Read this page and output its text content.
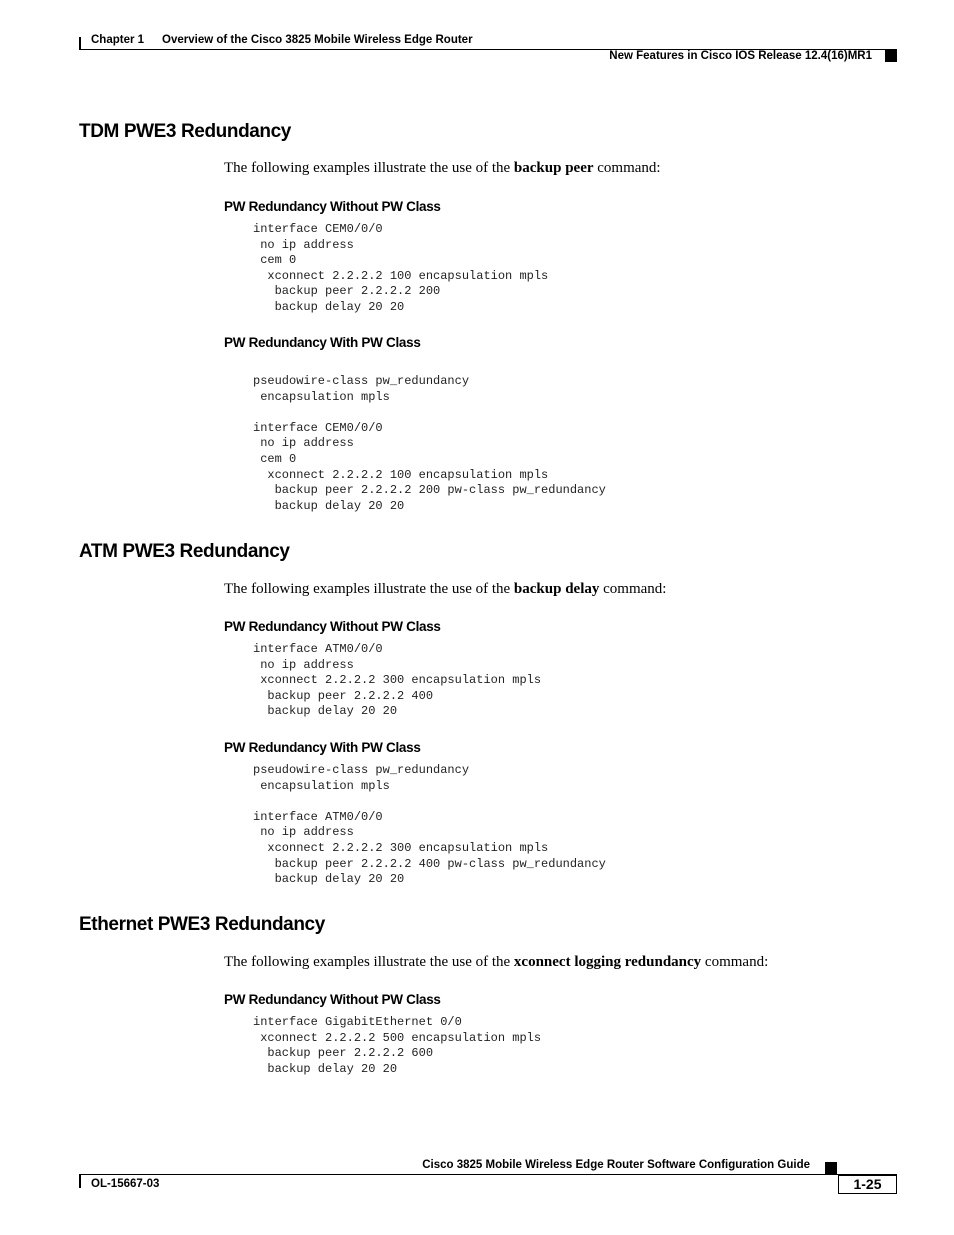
Chapter 1 Overview of the Cisco 3825 Mobile Wireless Edge Router
New Features in Cisco IOS Release 12.4(16)MR1
TDM PWE3 Redundancy
The following examples illustrate the use of the backup peer command:
PW Redundancy Without PW Class
interface CEM0/0/0
no ip address
cem 0
xconnect 2.2.2.2 100 encapsulation mpls
backup peer 2.2.2.2 200
backup delay 20 20
PW Redundancy With PW Class
pseudowire-class pw_redundancy
encapsulation mpls

interface CEM0/0/0
no ip address
cem 0
xconnect 2.2.2.2 100 encapsulation mpls
backup peer 2.2.2.2 200 pw-class pw_redundancy
backup delay 20 20
ATM PWE3 Redundancy
The following examples illustrate the use of the backup delay command:
PW Redundancy Without PW Class
interface ATM0/0/0
no ip address
xconnect 2.2.2.2 300 encapsulation mpls
backup peer 2.2.2.2 400
backup delay 20 20
PW Redundancy With PW Class
pseudowire-class pw_redundancy
encapsulation mpls

interface ATM0/0/0
no ip address
xconnect 2.2.2.2 300 encapsulation mpls
backup peer 2.2.2.2 400 pw-class pw_redundancy
backup delay 20 20
Ethernet PWE3 Redundancy
The following examples illustrate the use of the xconnect logging redundancy command:
PW Redundancy Without PW Class
interface GigabitEthernet 0/0
xconnect 2.2.2.2 500 encapsulation mpls
backup peer 2.2.2.2 600
backup delay 20 20
Cisco 3825 Mobile Wireless Edge Router Software Configuration Guide
OL-15667-03	1-25
